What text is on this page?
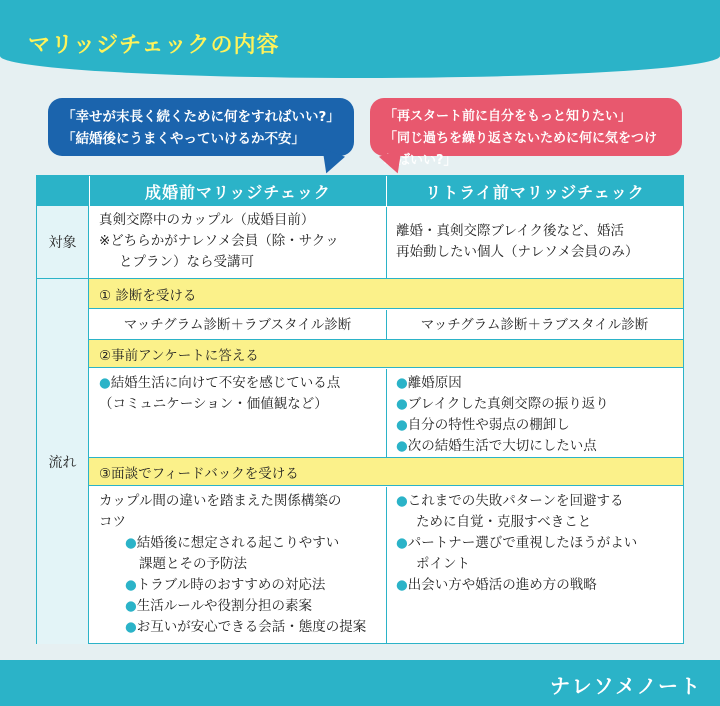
マリッジチェックの内容
「幸せが末長く続くために何をすればいい?」
「結婚後にうまくやっていけるか不安」
「再スタート前に自分をもっと知りたい」
「同じ過ちを繰り返さないために何に気をつければいい?」
成婚前マリッジチェック	リトライ前マリッジチェック
対象
真剣交際中のカップル（成婚目前）
※どちらかがナレソメ会員（除・サクッ
とプラン）なら受講可
離婚・真剣交際ブレイク後など、婚活
再始動したい個人（ナレソメ会員のみ）
流れ
① 診断を受ける
マッチグラム診断＋ラブスタイル診断	マッチグラム診断＋ラブスタイル診断
②事前アンケートに答える
●結婚生活に向けて不安を感じている点
（コミュニケーション・価値観など）
●離婚原因
●ブレイクした真剣交際の振り返り
●自分の特性や弱点の棚卸し
●次の結婚生活で大切にしたい点
③面談でフィードバックを受ける
カップル間の違いを踏まえた関係構築の
コツ
●結婚後に想定される起こりやすい
課題とその予防法
●トラブル時のおすすめの対応法
●生活ルールや役割分担の素案
●お互いが安心できる会話・態度の提案
●これまでの失敗パターンを回避する
ために自覚・克服すべきこと
●パートナー選びで重視したほうがよい
ポイント
●出会い方や婚活の進め方の戦略
ナレソメノート
